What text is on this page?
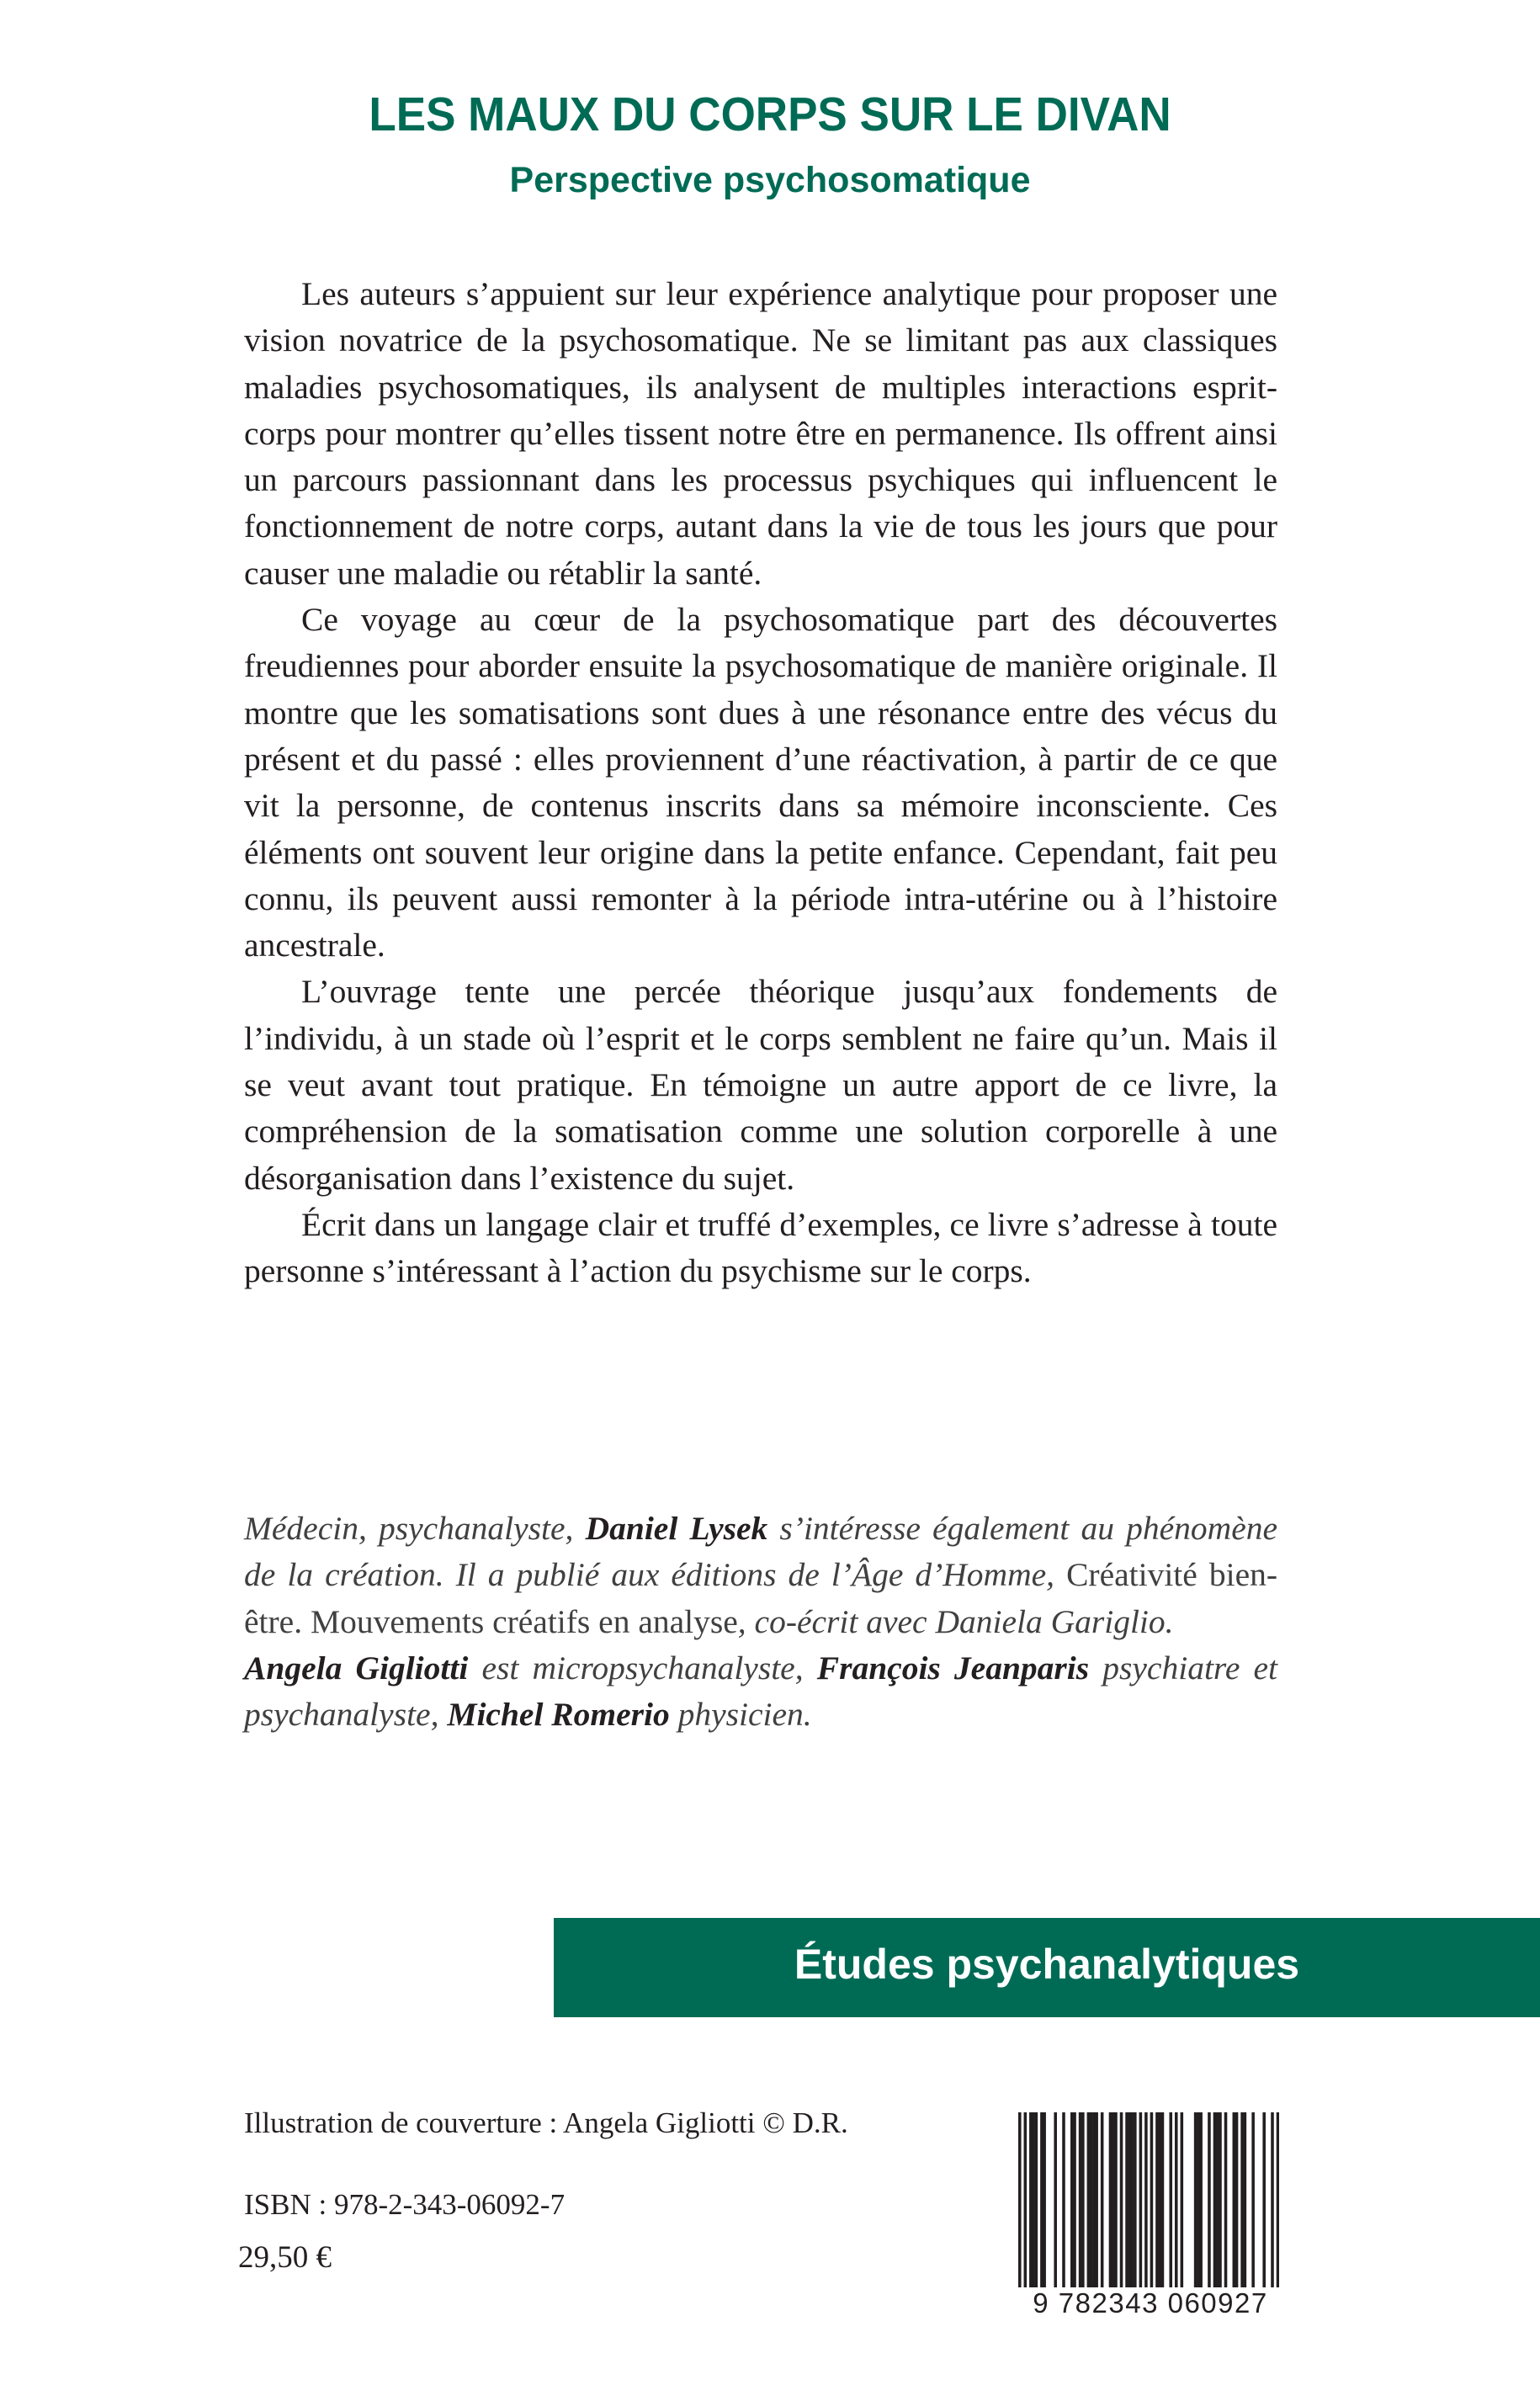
LES MAUX DU CORPS SUR LE DIVAN
Perspective psychosomatique

Les auteurs s’appuient sur leur expérience analytique pour proposer une vision novatrice de la psychosomatique. Ne se limitant pas aux classiques maladies psychosomatiques, ils analysent de multiples interactions esprit-corps pour montrer qu’elles tissent notre être en permanence. Ils offrent ainsi un parcours passionnant dans les processus psychiques qui influencent le fonctionnement de notre corps, autant dans la vie de tous les jours que pour causer une maladie ou rétablir la santé.

Ce voyage au cœur de la psychosomatique part des découvertes freudiennes pour aborder ensuite la psychosomatique de manière originale. Il montre que les somatisations sont dues à une résonance entre des vécus du présent et du passé : elles proviennent d’une réactivation, à partir de ce que vit la personne, de contenus inscrits dans sa mémoire inconsciente. Ces éléments ont souvent leur origine dans la petite enfance. Cependant, fait peu connu, ils peuvent aussi remonter à la période intra-utérine ou à l’histoire ancestrale.

L’ouvrage tente une percée théorique jusqu’aux fondements de l’individu, à un stade où l’esprit et le corps semblent ne faire qu’un. Mais il se veut avant tout pratique. En témoigne un autre apport de ce livre, la compréhension de la somatisation comme une solution corporelle à une désorganisation dans l’existence du sujet.

Écrit dans un langage clair et truffé d’exemples, ce livre s’adresse à toute personne s’intéressant à l’action du psychisme sur le corps.

Médecin, psychanalyste, Daniel Lysek s’intéresse également au phénomène de la création. Il a publié aux éditions de l’Âge d’Homme, Créativité bien-être. Mouvements créatifs en analyse, co-écrit avec Daniela Gariglio.

Angela Gigliotti est micropsychanalyste, François Jeanparis psychiatre et psychanalyste, Michel Romerio physicien.

Études psychanalytiques
Illustration de couverture : Angela Gigliotti © D.R.
ISBN : 978-2-343-06092-7
29,50 €
9 782343 060927
